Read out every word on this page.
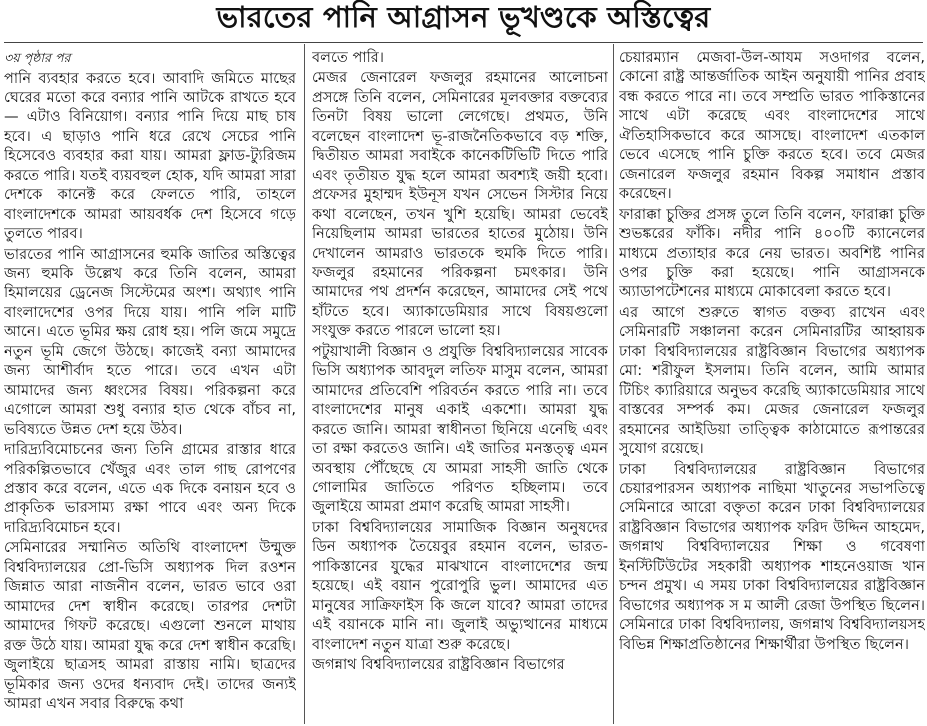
ভারতের পানি আগ্রাসন ভূখণ্ডকে অস্তিত্বের
৩য় পৃষ্ঠার পর

পানি ব্যবহার করতে হবে। আবাদি জমিতে মাছের ঘেরের মতো করে বন্যার পানি আটকে রাখতে হবে— এটাও বিনিয়োগ। বন্যার পানি দিয়ে মাছ চাষ হবে। এ ছাড়াও পানি ধরে রেখে সেচের পানি হিসেবেও ব্যবহার করা যায়। আমরা ফ্লাড-ট্যুরিজম করতে পারি। যতই ব্যয়বহুল হোক, যদি আমরা সারা দেশকে কানেক্ট করে ফেলতে পারি, তাহলে বাংলাদেশকে আমরা আয়বর্ধক দেশ হিসেবে গড়ে তুলতে পারব।

ভারতের পানি আগ্রাসনের হুমকি জাতির অস্তিত্বের জন্য হুমকি উল্লেখ করে তিনি বলেন, আমরা হিমালয়ের ড্রেনেজ সিস্টেমের অংশ। অথ্যাৎ পানি বাংলাদেশের ওপর দিয়ে যায়। পানি পলি মাটি আনে। এতে ভূমির ক্ষয় রোধ হয়। পলি জমে সমুদ্রে নতুন ভূমি জেগে উঠছে। কাজেই বন্যা আমাদের জন্য আশীর্বাদ হতে পারে। তবে এখন এটা আমাদের জন্য ধ্বংসের বিষয়। পরিকল্পনা করে এগোলে আমরা শুধু বন্যার হাত থেকে বাঁচব না, ভবিষ্যতে উন্নত দেশ হয়ে উঠব।

দারিদ্র্যবিমোচনের জন্য তিনি গ্রামের রাস্তার ধারে পরিকল্পিতভাবে খেঁজুর এবং তাল গাছ রোপণের প্রস্তাব করে বলেন, এতে এক দিকে বনায়ন হবে ও প্রাকৃতিক ভারসাম্য রক্ষা পাবে এবং অন্য দিকে দারিদ্র্যবিমোচন হবে।

সেমিনারের সম্মানিত অতিথি বাংলাদেশ উন্মুক্ত বিশ্ববিদ্যালয়ের প্রো-ভিসি অধ্যাপক দিল রওশন জিন্নাত আরা নাজনীন বলেন, ভারত ভাবে ওরা আমাদের দেশ স্বাধীন করেছে। তারপর দেশটা আমাদের গিফট করেছে। এগুলো শুনলে মাথায় রক্ত উঠে যায়। আমরা যুদ্ধ করে দেশ স্বাধীন করেছি। জুলাইয়ে ছাত্রসহ আমরা রাস্তায় নামি। ছাত্রদের ভূমিকার জন্য ওদের ধন্যবাদ দেই। তাদের জন্যই আমরা এখন সবার বিরুদ্ধে কথা

বলতে পারি।

মেজর জেনারেল ফজলুর রহমানের আলোচনা প্রসঙ্গে তিনি বলেন, সেমিনারের মূলবক্তার বক্তব্যের তিনটা বিষয় ভালো লেগেছে। প্রথমত, উনি বলেছেন বাংলাদেশ ভূ-রাজনৈতিকভাবে বড় শক্তি, দ্বিতীয়ত আমরা সবাইকে কানেকটিভিটি দিতে পারি এবং তৃতীয়ত যুদ্ধ হলে আমরা অবশ্যই জয়ী হবো। প্রফেসর মুহাম্মদ ইউনূস যখন সেভেন সিস্টার নিয়ে কথা বলেছেন, তখন খুশি হয়েছি। আমরা ভেবেই নিয়েছিলাম আমরা ভারতের হাতের মুঠোয়। উনি দেখালেন আমরাও ভারতকে হুমকি দিতে পারি। ফজলুর রহমানের পরিকল্পনা চমৎকার। উনি আমাদের পথ প্রদর্শন করেছেন, আমাদের সেই পথে হাঁটতে হবে। অ্যাকাডেমিয়ার সাথে বিষয়গুলো সংযুক্ত করতে পারলে ভালো হয়।

পটুয়াখালী বিজ্ঞান ও প্রযুক্তি বিশ্ববিদ্যালয়ের সাবেক ভিসি অধ্যাপক আবদুল লতিফ মাসুম বলেন, আমরা আমাদের প্রতিবেশি পরিবর্তন করতে পারি না। তবে বাংলাদেশের মানুষ একাই একশো। আমরা যুদ্ধ করতে জানি। আমরা স্বাধীনতা ছিনিয়ে এনেছি এবং তা রক্ষা করতেও জানি। এই জাতির মনস্তত্ত্ব এমন অবস্থায় পৌঁছেছে যে আমরা সাহসী জাতি থেকে গোলামির জাতিতে পরিণত হচ্ছিলাম। তবে জুলাইয়ে আমরা প্রমাণ করেছি আমরা সাহসী।

ঢাকা বিশ্ববিদ্যালয়ের সামাজিক বিজ্ঞান অনুষদের ডিন অধ্যাপক তৈয়েবুর রহমান বলেন, ভারত-পাকিস্তানের যুদ্ধের মাঝখানে বাংলাদেশের জন্ম হয়েছে। এই বয়ান পুরোপুরি ভুল। আমাদের এত মানুষের সাক্রিফাইস কি জলে যাবে? আমরা তাদের এই বয়ানকে মানি না। জুলাই অভ্যুত্থানের মাধ্যমে বাংলাদেশ নতুন যাত্রা শুরু করেছে।

জগন্নাথ বিশ্ববিদ্যালয়ের রাষ্ট্রবিজ্ঞান বিভাগের

চেয়ারম্যান মেজবা-উল-আযম সওদাগর বলেন, কোনো রাষ্ট্র আন্তর্জাতিক আইন অনুযায়ী পানির প্রবাহ বন্ধ করতে পারে না। তবে সম্প্রতি ভারত পাকিস্তানের সাথে এটা করেছে এবং বাংলাদেশের সাথে ঐতিহাসিকভাবে করে আসছে। বাংলাদেশ এতকাল ভেবে এসেছে পানি চুক্তি করতে হবে। তবে মেজর জেনারেল ফজলুর রহমান বিকল্প সমাধান প্রস্তাব করেছেন।

ফারাক্কা চুক্তির প্রসঙ্গ তুলে তিনি বলেন, ফারাক্কা চুক্তি শুভঙ্করের ফাঁকি। নদীর পানি ৪০০টি ক্যানেলের মাধ্যমে প্রত্যাহার করে নেয় ভারত। অবশিষ্ট পানির ওপর চুক্তি করা হয়েছে। পানি আগ্রাসনকে অ্যাডাপটেশনের মাধ্যমে মোকাবেলা করতে হবে।

এর আগে শুরুতে স্বাগত বক্তব্য রাখেন এবং সেমিনারটি সঞ্চালনা করেন সেমিনারটির আহ্বায়ক ঢাকা বিশ্ববিদ্যালয়ের রাষ্ট্রবিজ্ঞান বিভাগের অধ্যাপক মো: শরীফুল ইসলাম। তিনি বলেন, আমি আমার টিচিং ক্যারিয়ারে অনুভব করেছি অ্যাকাডেমিয়ার সাথে বাস্তবের সম্পর্ক কম। মেজর জেনারেল ফজলুর রহমানের আইডিয়া তাত্ত্বিক কাঠামোতে রূপান্তরের সুযোগ রয়েছে।

ঢাকা বিশ্ববিদ্যালয়ের রাষ্ট্রবিজ্ঞান বিভাগের চেয়ারপারসন অধ্যাপক নাছিমা খাতুনের সভাপতিত্বে সেমিনারে আরো বক্তৃতা করেন ঢাকা বিশ্ববিদ্যালয়ের রাষ্ট্রবিজ্ঞান বিভাগের অধ্যাপক ফরিদ উদ্দিন আহমেদ, জগন্নাথ বিশ্ববিদ্যালয়ের শিক্ষা ও গবেষণা ইনস্টিটিউটের সহকারী অধ্যাপক শাহনেওয়াজ খান চন্দন প্রমুখ। এ সময় ঢাকা বিশ্ববিদ্যালয়ের রাষ্ট্রবিজ্ঞান বিভাগের অধ্যাপক স ম আলী রেজা উপস্থিত ছিলেন। সেমিনারে ঢাকা বিশ্ববিদ্যালয়, জগন্নাথ বিশ্ববিদ্যালয়সহ বিভিন্ন শিক্ষাপ্রতিষ্ঠানের শিক্ষার্থীরা উপস্থিত ছিলেন।
